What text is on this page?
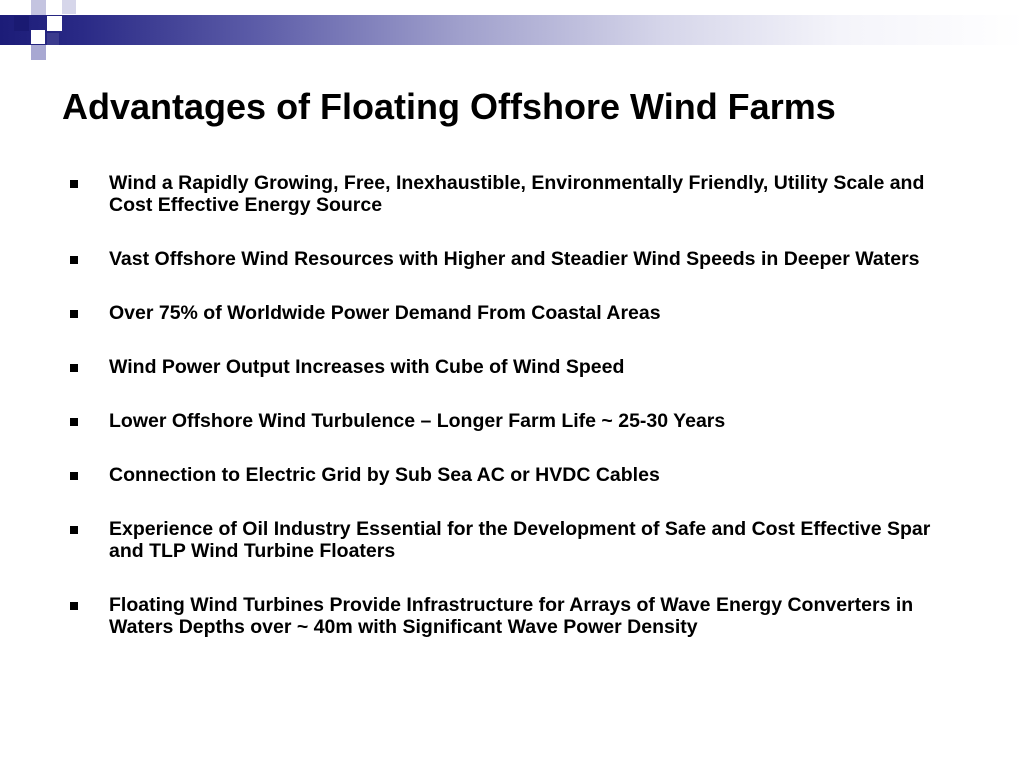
Advantages of Floating Offshore Wind Farms
Wind a Rapidly Growing, Free, Inexhaustible, Environmentally Friendly, Utility Scale and Cost Effective Energy Source
Vast Offshore Wind Resources with Higher and Steadier Wind Speeds in Deeper Waters
Over 75% of Worldwide Power Demand From Coastal Areas
Wind Power Output Increases with Cube of Wind Speed
Lower Offshore Wind Turbulence – Longer Farm Life ~ 25-30 Years
Connection to Electric Grid by Sub Sea AC or HVDC Cables
Experience of Oil Industry Essential for the Development of Safe and Cost Effective Spar and TLP Wind Turbine Floaters
Floating Wind Turbines Provide Infrastructure for Arrays of Wave Energy Converters in Waters Depths over ~ 40m with Significant Wave Power Density
